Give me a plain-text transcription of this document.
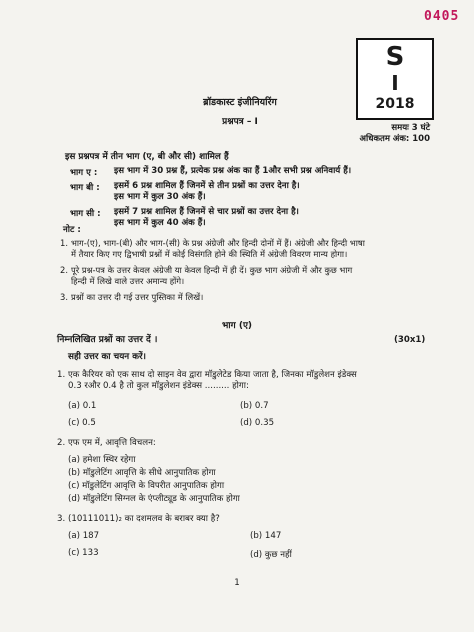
0405
S
I
2018
ब्रॉडकास्ट इंजीनियरिंग
प्रश्नपत्र – I
समयः 3 घंटे
अधिकतम अंक: 100
इस प्रश्नपत्र में तीन भाग (ए, बी और सी) शामिल हैं
भाग ए : इस भाग में 30 प्रश्न हैं, प्रत्येक प्रश्न अंक का हैं 1और सभी प्रश्न अनिवार्य हैं।
भाग बी : इसमें 6 प्रश्न शामिल हैं जिनमें से तीन प्रश्नों का उत्तर देना है।
इस भाग में कुल 30 अंक हैं।
भाग सी : इसमें 7 प्रश्न शामिल हैं जिनमें से चार प्रश्नों का उत्तर देना है।
इस भाग में कुल 40 अंक हैं।
नोट :
1. भाग-(ए), भाग-(बी) और भाग-(सी) के प्रश्न अंग्रेजी और हिन्दी दोनों में हैं। अंग्रेजी और हिन्दी भाषा
में तैयार किए गए द्विभाषी प्रश्नों में कोई विसंगति होने की स्थिति में अंग्रेजी विवरण मान्य होगा।
2. पूरे प्रश्न-पत्र के उत्तर केवल अंग्रेजी या केवल हिन्दी में ही दें। कुछ भाग अंग्रेजी में और कुछ भाग
हिन्दी में लिखे वाले उत्तर अमान्य होंगे।
3. प्रश्नों का उत्तर दी गई उत्तर पुस्तिका में लिखें।
भाग (ए)
निम्नलिखित प्रश्नों का उत्तर दें ।	(30x1)
सही उत्तर का चयन करें।
1. एक कैरियर को एक साथ दो साइन वेव द्वारा मॉडुलेटेड किया जाता है, जिनका मॉडुलेशन इंडेक्स
0.3 रऔर 0.4 है तो कुल मॉडुलेशन इंडेक्स ......... होगा:
(a) 0.1	(b) 0.7
(c) 0.5	(d) 0.35
2. एफ एम में, आवृत्ति विचलन:
(a) हमेशा स्थिर रहेगा
(b) मॉडुलेटिंग आवृत्ति के सीधे आनुपातिक होगा
(c) मॉडुलेटिंग आवृत्ति के विपरीत आनुपातिक होगा
(d) मॉडुलेटिंग सिग्नल के एंप्लीट्यूड के आनुपातिक होगा
3. (10111011)₂ का दशमलव के बराबर क्या है?
(a) 187	(b) 147
(c) 133	(d) कुछ नहीं
1
